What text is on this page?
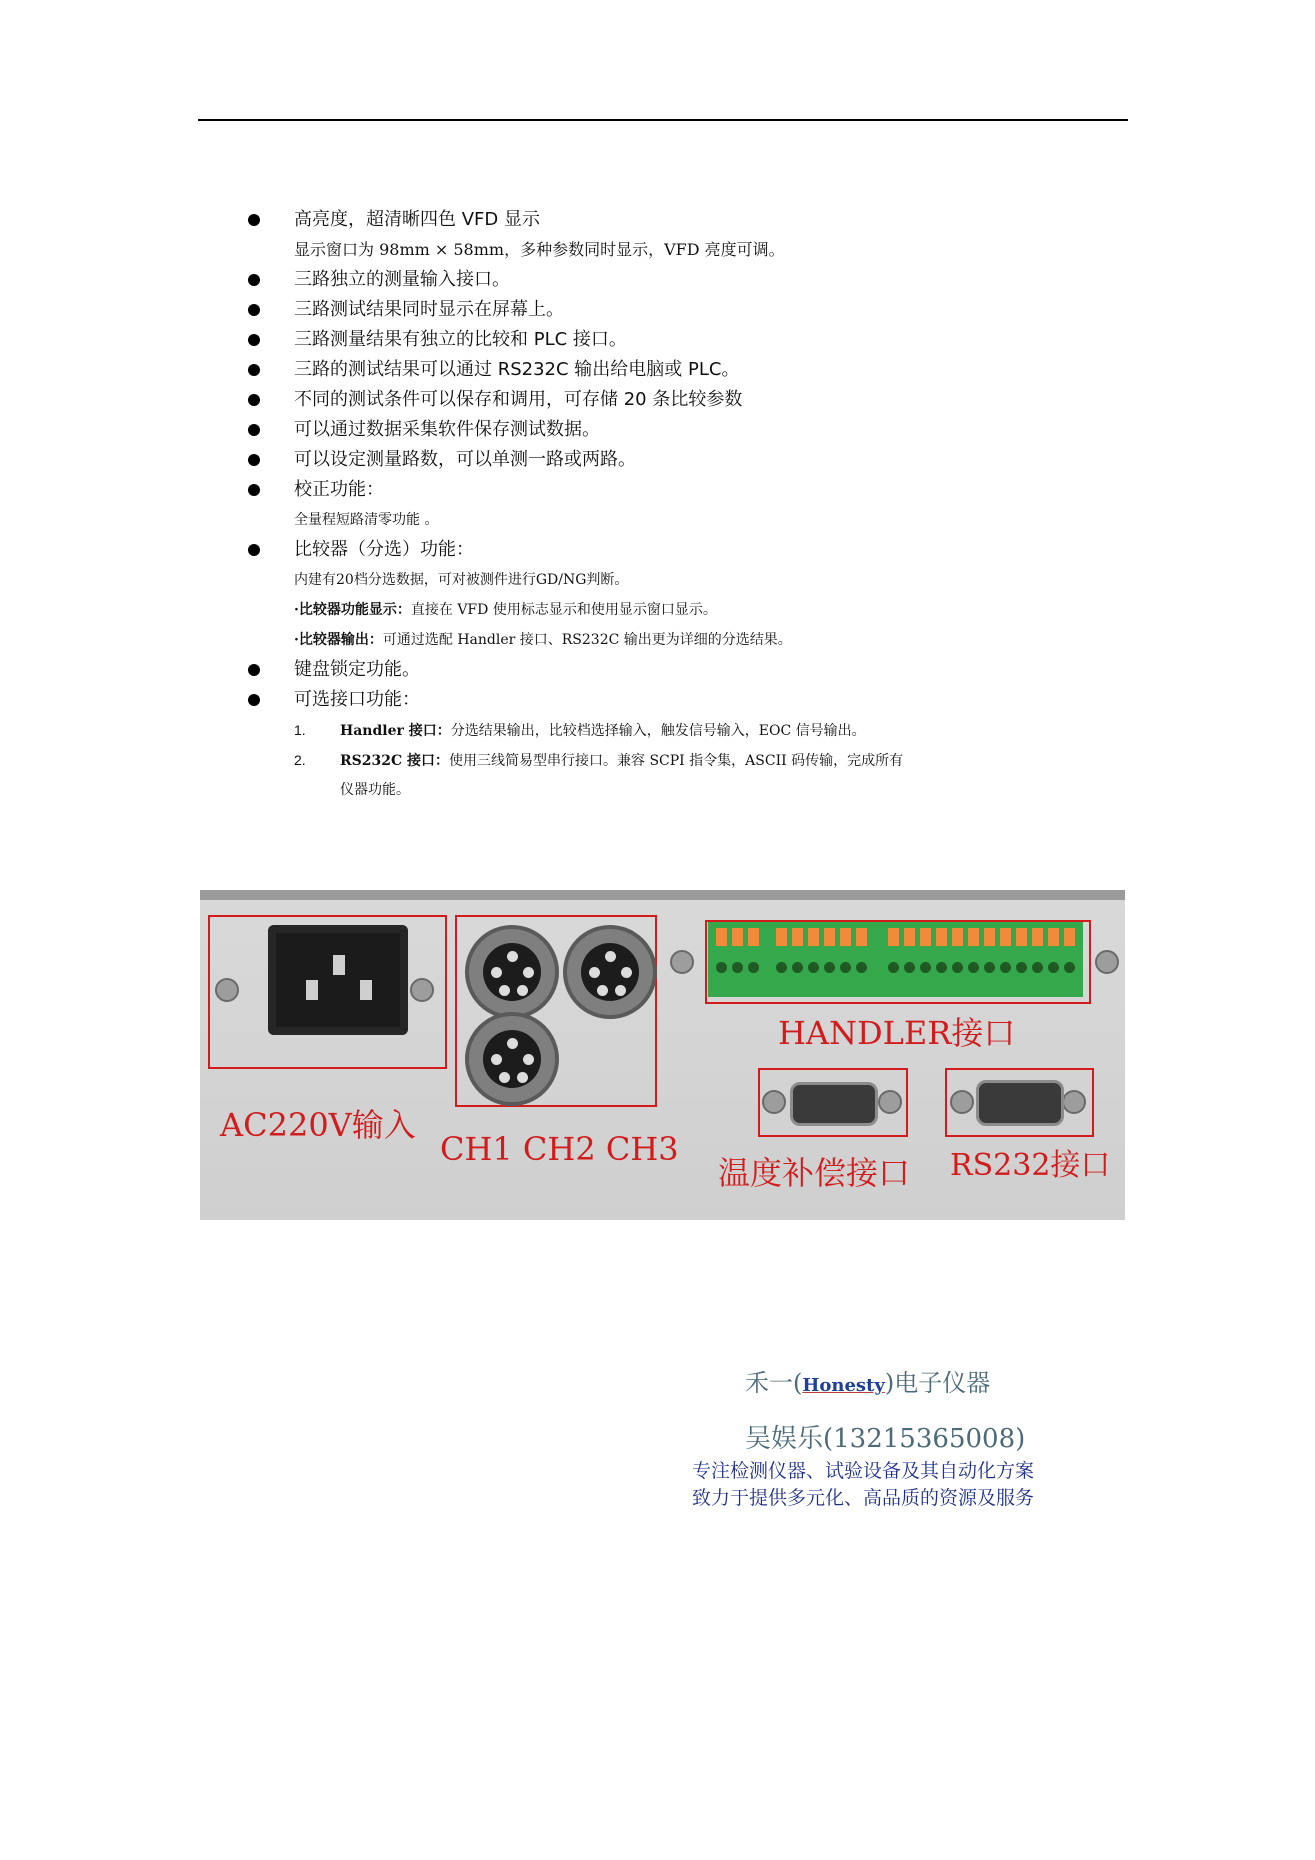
高亮度，超清晰四色 VFD 显示
显示窗口为 98mm × 58mm，多种参数同时显示，VFD 亮度可调。
三路独立的测量输入接口。
三路测试结果同时显示在屏幕上。
三路测量结果有独立的比较和 PLC 接口。
三路的测试结果可以通过 RS232C 输出给电脑或 PLC。
不同的测试条件可以保存和调用，可存储 20 条比较参数
可以通过数据采集软件保存测试数据。
可以设定测量路数，可以单测一路或两路。
校正功能：
全量程短路清零功能 。
比较器（分选）功能：
内建有20档分选数据，可对被测件进行GD/NG判断。
·比较器功能显示：直接在 VFD 使用标志显示和使用显示窗口显示。
·比较器输出：可通过选配 Handler 接口、RS232C 输出更为详细的分选结果。
键盘锁定功能。
可选接口功能：
1. Handler 接口：分选结果输出，比较档选择输入，触发信号输入，EOC 信号输出。
2. RS232C 接口：使用三线简易型串行接口。兼容 SCPI 指令集，ASCII 码传输，完成所有
仪器功能。
AC220V输入
CH1 CH2 CH3
HANDLER接口
温度补偿接口 RS232接口
禾一(Honesty)电子仪器
吴娱乐(13215365008)
专注检测仪器、试验设备及其自动化方案
致力于提供多元化、高品质的资源及服务
